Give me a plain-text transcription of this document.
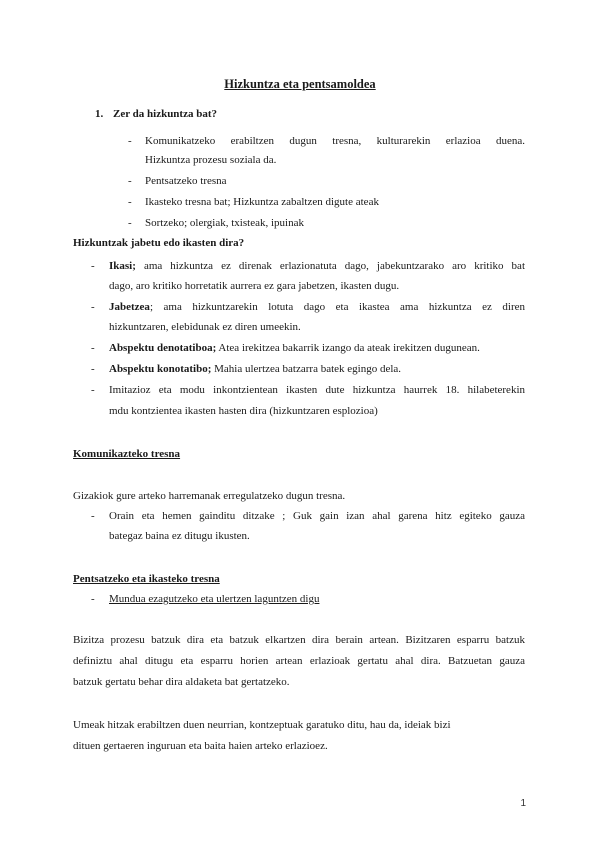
Hizkuntza eta pentsamoldea
1. Zer da hizkuntza bat?
- Komunikatzeko erabiltzen dugun tresna, kulturarekin erlazioa duena.
Hizkuntza prozesu soziala da.
- Pentsatzeko tresna
- Ikasteko tresna bat; Hizkuntza zabaltzen digute ateak
- Sortzeko; olergiak, txisteak, ipuinak
Hizkuntzak jabetu edo ikasten dira?
- Ikasi; ama hizkuntza ez direnak erlazionatuta dago, jabekuntzarako aro kritiko bat
dago, aro kritiko horretatik aurrera ez gara jabetzen, ikasten dugu.
- Jabetzea; ama hizkuntzarekin lotuta dago eta ikastea ama hizkuntza ez diren
hizkuntzaren, elebidunak ez diren umeekin.
- Abspektu denotatiboa; Atea irekitzea bakarrik izango da ateak irekitzen dugunean.
- Abspektu konotatibo; Mahia ulertzea batzarra batek egingo dela.
- Imitazioz eta modu inkontzientean ikasten dute hizkuntza haurrek 18. hilabeterekin
mdu kontzientea ikasten hasten dira (hizkuntzaren esplozioa)
Komunikazteko tresna
Gizakiok gure arteko harremanak erregulatzeko dugun tresna.
- Orain eta hemen gainditu ditzake ; Guk gain izan ahal garena hitz egiteko gauza
bategaz baina ez ditugu ikusten.
Pentsatzeko eta ikasteko tresna
- Mundua ezagutzeko eta ulertzen laguntzen digu
Bizitza prozesu batzuk dira eta batzuk elkartzen dira berain artean. Bizitzaren esparru batzuk
definiztu ahal ditugu eta esparru horien artean erlazioak gertatu ahal dira. Batzuetan gauza
batzuk gertatu behar dira aldaketa bat gertatzeko.
Umeak hitzak erabiltzen duen neurrian, kontzeptuak garatuko ditu, hau da, ideiak bizi
dituen gertaeren inguruan eta baita haien arteko erlazioez.
1
